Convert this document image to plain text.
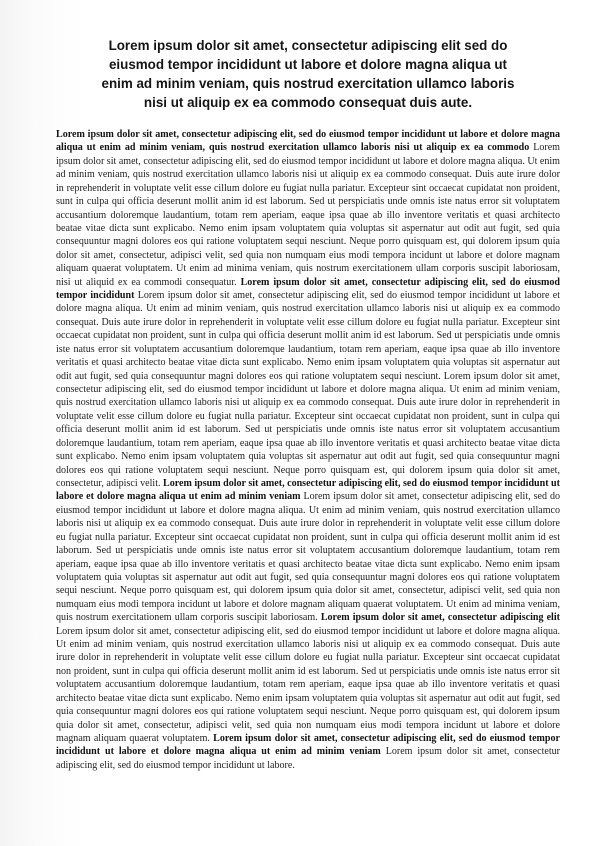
Lorem ipsum dolor sit amet, consectetur adipiscing elit sed do
eiusmod tempor incididunt ut labore et dolore magna aliqua ut
enim ad minim veniam, quis nostrud exercitation ullamco laboris
nisi ut aliquip ex ea commodo consequat duis aute.
Lorem ipsum dolor sit amet, consectetur adipiscing elit, sed do eiusmod tempor incididunt ut labore et dolore magna aliqua ut enim ad minim veniam, quis nostrud exercitation ullamco laboris nisi ut aliquip ex ea commodo Lorem ipsum dolor sit amet, consectetur adipiscing elit, sed do eiusmod tempor incididunt ut labore et dolore magna aliqua. Ut enim ad minim veniam, quis nostrud exercitation ullamco laboris nisi ut aliquip ex ea commodo consequat. Duis aute irure dolor in reprehenderit in voluptate velit esse cillum dolore eu fugiat nulla pariatur. Excepteur sint occaecat cupidatat non proident, sunt in culpa qui officia deserunt mollit anim id est laborum. Sed ut perspiciatis unde omnis iste natus error sit voluptatem accusantium doloremque laudantium, totam rem aperiam, eaque ipsa quae ab illo inventore veritatis et quasi architecto beatae vitae dicta sunt explicabo. Nemo enim ipsam voluptatem quia voluptas sit aspernatur aut odit aut fugit, sed quia consequuntur magni dolores eos qui ratione voluptatem sequi nesciunt. Neque porro quisquam est, qui dolorem ipsum quia dolor sit amet, consectetur, adipisci velit, sed quia non numquam eius modi tempora incidunt ut labore et dolore magnam aliquam quaerat voluptatem. Ut enim ad minima veniam, quis nostrum exercitationem ullam corporis suscipit laboriosam, nisi ut aliquid ex ea commodi consequatur. Lorem ipsum dolor sit amet, consectetur adipiscing elit, sed do eiusmod tempor incididunt Lorem ipsum dolor sit amet, consectetur adipiscing elit, sed do eiusmod tempor incididunt ut labore et dolore magna aliqua. Ut enim ad minim veniam, quis nostrud exercitation ullamco laboris nisi ut aliquip ex ea commodo consequat. Duis aute irure dolor in reprehenderit in voluptate velit esse cillum dolore eu fugiat nulla pariatur. Excepteur sint occaecat cupidatat non proident, sunt in culpa qui officia deserunt mollit anim id est laborum. Sed ut perspiciatis unde omnis iste natus error sit voluptatem accusantium doloremque laudantium, totam rem aperiam, eaque ipsa quae ab illo inventore veritatis et quasi architecto beatae vitae dicta sunt explicabo. Nemo enim ipsam voluptatem quia voluptas sit aspernatur aut odit aut fugit, sed quia consequuntur magni dolores eos qui ratione voluptatem sequi nesciunt. Lorem ipsum dolor sit amet, consectetur adipiscing elit, sed do eiusmod tempor incididunt ut labore et dolore magna aliqua. Ut enim ad minim veniam, quis nostrud exercitation ullamco laboris nisi ut aliquip ex ea commodo consequat. Duis aute irure dolor in reprehenderit in voluptate velit esse cillum dolore eu fugiat nulla pariatur. Excepteur sint occaecat cupidatat non proident, sunt in culpa qui officia deserunt mollit anim id est laborum. Sed ut perspiciatis unde omnis iste natus error sit voluptatem accusantium doloremque laudantium, totam rem aperiam, eaque ipsa quae ab illo inventore veritatis et quasi architecto beatae vitae dicta sunt explicabo. Nemo enim ipsam voluptatem quia voluptas sit aspernatur aut odit aut fugit, sed quia consequuntur magni dolores eos qui ratione voluptatem sequi nesciunt. Neque porro quisquam est, qui dolorem ipsum quia dolor sit amet, consectetur, adipisci velit. Lorem ipsum dolor sit amet, consectetur adipiscing elit, sed do eiusmod tempor incididunt ut labore et dolore magna aliqua ut enim ad minim veniam Lorem ipsum dolor sit amet, consectetur adipiscing elit, sed do eiusmod tempor incididunt ut labore et dolore magna aliqua. Ut enim ad minim veniam, quis nostrud exercitation ullamco laboris nisi ut aliquip ex ea commodo consequat. Duis aute irure dolor in reprehenderit in voluptate velit esse cillum dolore eu fugiat nulla pariatur. Excepteur sint occaecat cupidatat non proident, sunt in culpa qui officia deserunt mollit anim id est laborum. Sed ut perspiciatis unde omnis iste natus error sit voluptatem accusantium doloremque laudantium, totam rem aperiam, eaque ipsa quae ab illo inventore veritatis et quasi architecto beatae vitae dicta sunt explicabo. Nemo enim ipsam voluptatem quia voluptas sit aspernatur aut odit aut fugit, sed quia consequuntur magni dolores eos qui ratione voluptatem sequi nesciunt. Neque porro quisquam est, qui dolorem ipsum quia dolor sit amet, consectetur, adipisci velit, sed quia non numquam eius modi tempora incidunt ut labore et dolore magnam aliquam quaerat voluptatem. Ut enim ad minima veniam, quis nostrum exercitationem ullam corporis suscipit laboriosam. Lorem ipsum dolor sit amet, consectetur adipiscing elit Lorem ipsum dolor sit amet, consectetur adipiscing elit, sed do eiusmod tempor incididunt ut labore et dolore magna aliqua. Ut enim ad minim veniam, quis nostrud exercitation ullamco laboris nisi ut aliquip ex ea commodo consequat. Duis aute irure dolor in reprehenderit in voluptate velit esse cillum dolore eu fugiat nulla pariatur. Excepteur sint occaecat cupidatat non proident, sunt in culpa qui officia deserunt mollit anim id est laborum. Sed ut perspiciatis unde omnis iste natus error sit voluptatem accusantium doloremque laudantium, totam rem aperiam, eaque ipsa quae ab illo inventore veritatis et quasi architecto beatae vitae dicta sunt explicabo. Nemo enim ipsam voluptatem quia voluptas sit aspernatur aut odit aut fugit, sed quia consequuntur magni dolores eos qui ratione voluptatem sequi nesciunt. Neque porro quisquam est, qui dolorem ipsum quia dolor sit amet, consectetur, adipisci velit, sed quia non numquam eius modi tempora incidunt ut labore et dolore magnam aliquam quaerat voluptatem. Lorem ipsum dolor sit amet, consectetur adipiscing elit, sed do eiusmod tempor incididunt ut labore et dolore magna aliqua ut enim ad minim veniam Lorem ipsum dolor sit amet, consectetur adipiscing elit, sed do eiusmod tempor incididunt ut labore.
